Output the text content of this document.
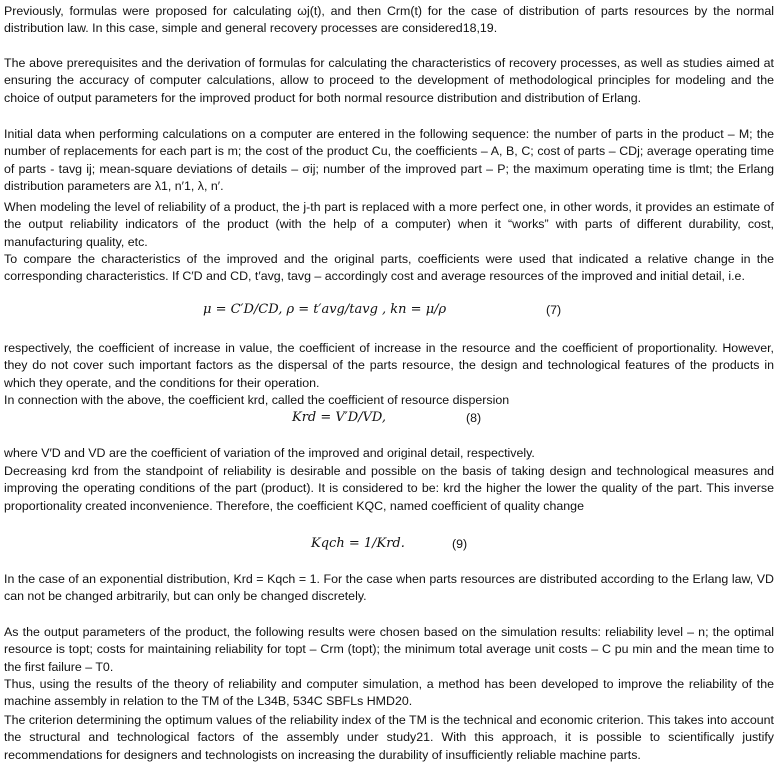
Previously, formulas were proposed for calculating ωj(t), and then Crm(t) for the case of distribution of parts resources by the normal distribution law. In this case, simple and general recovery processes are considered18,19.

The above prerequisites and the derivation of formulas for calculating the characteristics of recovery processes, as well as studies aimed at ensuring the accuracy of computer calculations, allow to proceed to the development of methodological principles for modeling and the choice of output parameters for the improved product for both normal resource distribution and distribution of Erlang.

Initial data when performing calculations on a computer are entered in the following sequence: the number of parts in the product – M; the number of replacements for each part is m; the cost of the product Cu, the coefficients – A, B, C; cost of parts – CDj; average operating time of parts - tavg ij; mean-square deviations of details – σij; number of the improved part – P; the maximum operating time is tlmt; the Erlang distribution parameters are λ1, n′1, λ, n′.

When modeling the level of reliability of a product, the j-th part is replaced with a more perfect one, in other words, it provides an estimate of the output reliability indicators of the product (with the help of a computer) when it “works” with parts of different durability, cost, manufacturing quality, etc.

To compare the characteristics of the improved and the original parts, coefficients were used that indicated a relative change in the corresponding characteristics. If C′D and CD, t′avg, tavg – accordingly cost and average resources of the improved and initial detail, i.e.

μ = C′D/CD, ρ = t′avg/tavg , kn = μ/ρ	(7)

respectively, the coefficient of increase in value, the coefficient of increase in the resource and the coefficient of proportionality. However, they do not cover such important factors as the dispersal of the parts resource, the design and technological features of the products in which they operate, and the conditions for their operation.

In connection with the above, the coefficient krd, called the coefficient of resource dispersion

Krd = V′D/VD,	(8)

where V′D and VD are the coefficient of variation of the improved and original detail, respectively.

Decreasing krd from the standpoint of reliability is desirable and possible on the basis of taking design and technological measures and improving the operating conditions of the part (product). It is considered to be: krd the higher the lower the quality of the part. This inverse proportionality created inconvenience. Therefore, the coefficient KQC, named coefficient of quality change

Kqch = 1/Krd.	(9)

In the case of an exponential distribution, Krd = Kqch = 1. For the case when parts resources are distributed according to the Erlang law, VD can not be changed arbitrarily, but can only be changed discretely.

As the output parameters of the product, the following results were chosen based on the simulation results: reliability level – n; the optimal resource is topt; costs for maintaining reliability for topt – Crm (topt); the minimum total average unit costs – C pu min and the mean time to the first failure – T0.

Thus, using the results of the theory of reliability and computer simulation, a method has been developed to improve the reliability of the machine assembly in relation to the TM of the L34B, 534C SBFLs HMD20.

The criterion determining the optimum values of the reliability index of the TM is the technical and economic criterion. This takes into account the structural and technological factors of the assembly under study21. With this approach, it is possible to scientifically justify recommendations for designers and technologists on increasing the durability of insufficiently reliable machine parts.
